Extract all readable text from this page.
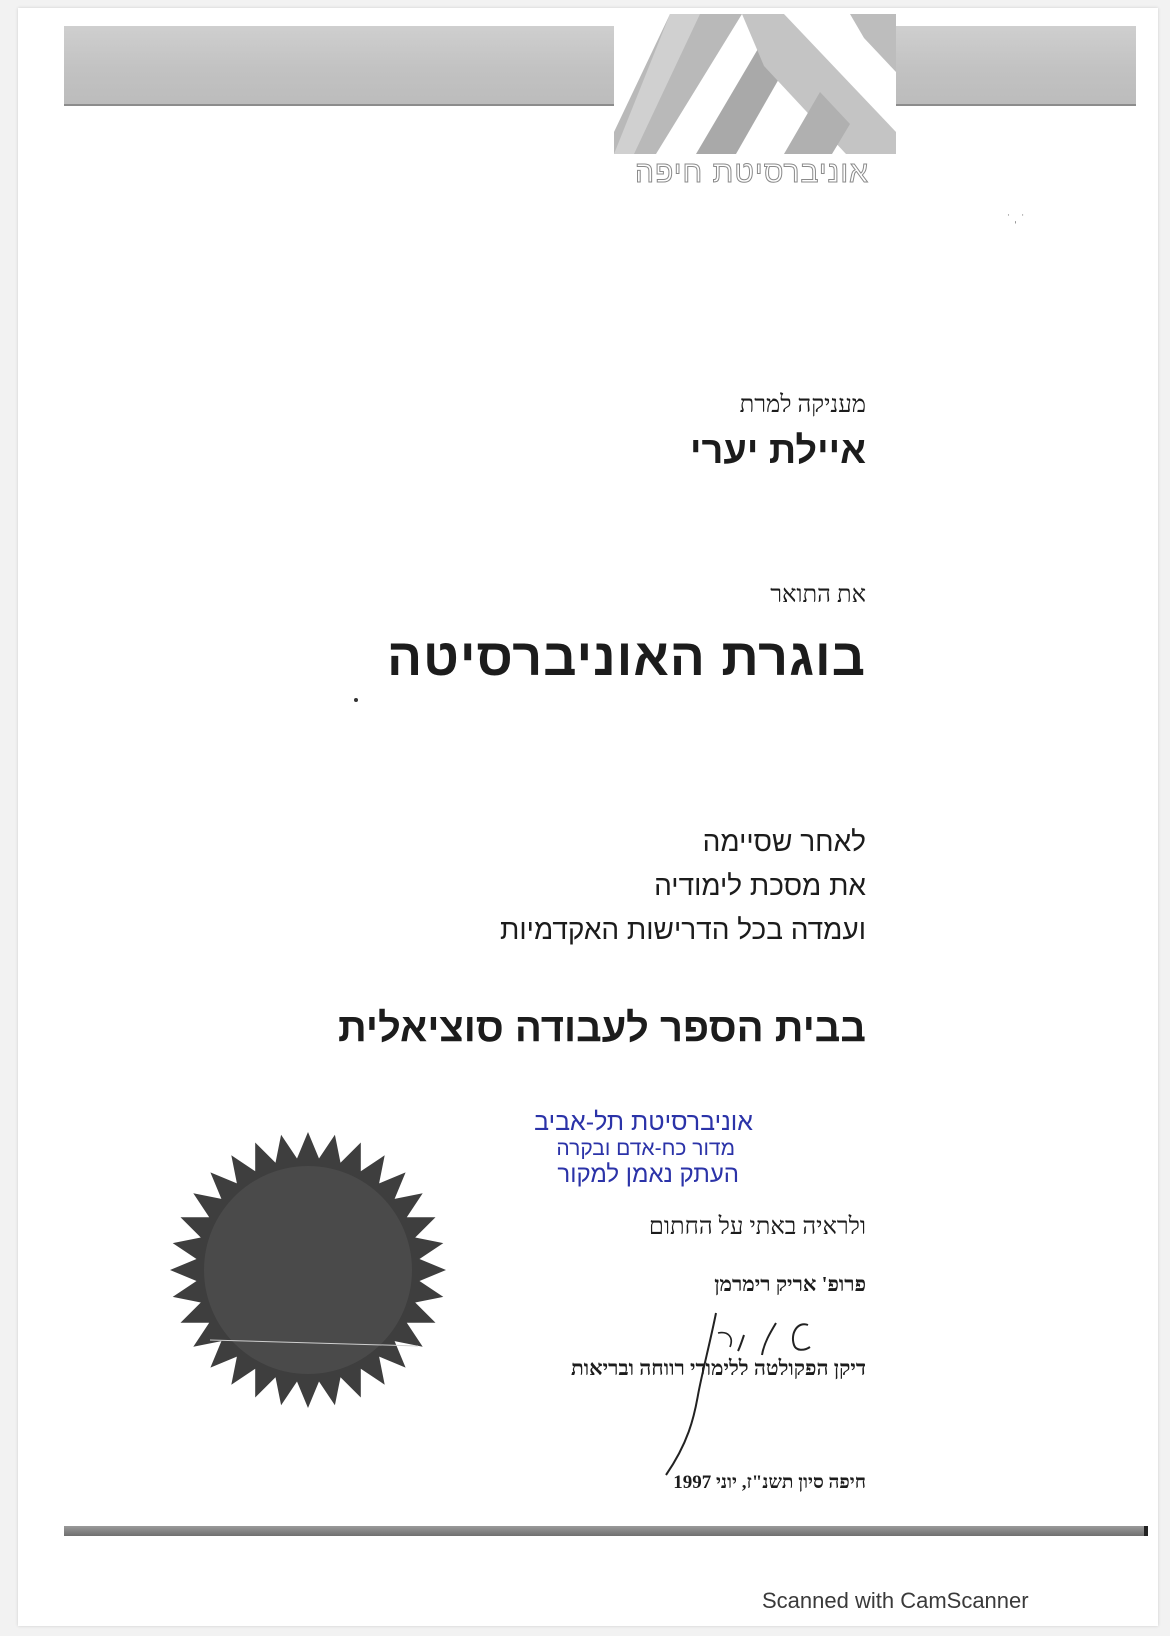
אוניברסיטת חיפה
˙ ˌ ˙
מעניקה למרת
איילת יערי
את התואר
בוגרת האוניברסיטה
לאחר שסיימה
את מסכת לימודיה
ועמדה בכל הדרישות האקדמיות
בבית הספר לעבודה סוציאלית
אוניברסיטת תל-אביב
מדור כח-אדם ובקרה
העתק נאמן למקור
ולראיה באתי על החתום
פרופ' אריק רימרמן
דיקן הפקולטה ללימודי רווחה ובריאות
חיפה סיון תשנ"ז, יוני 1997
Scanned with CamScanner
